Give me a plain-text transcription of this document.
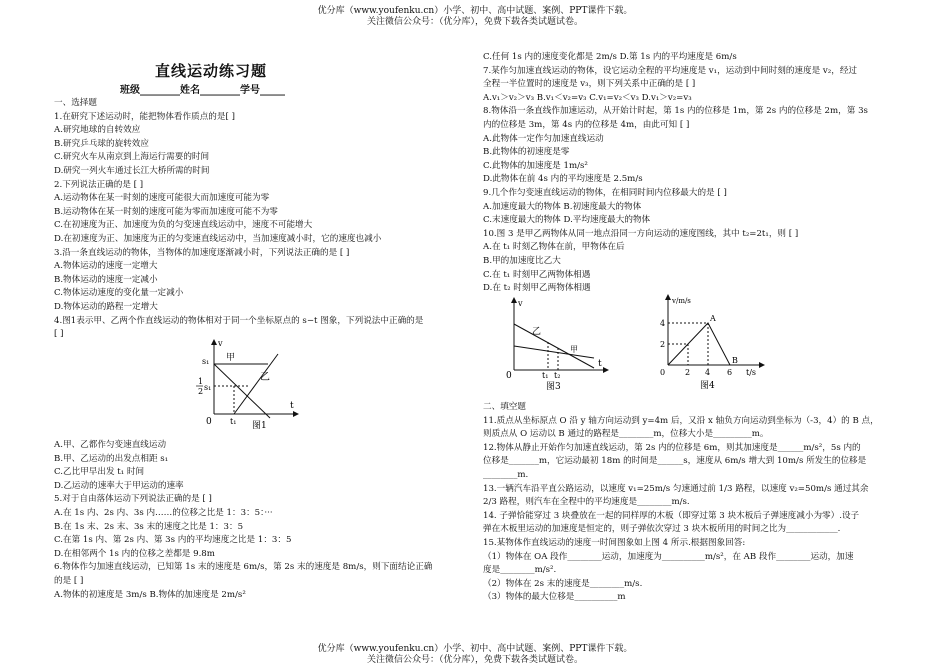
优分库（www.youfenku.cn）小学、初中、高中试题、案例、PPT课件下载。
关注微信公众号：（优分库），免费下载各类试题试卷。
直线运动练习题
班级________姓名________学号_____
一、选择题
1.在研究下述运动时，能把物体看作质点的是[ ]
A.研究地球的自转效应
B.研究乒乓球的旋转效应
C.研究火车从南京到上海运行需要的时间
D.研究一列火车通过长江大桥所需的时间
2.下列说法正确的是 [ ]
A.运动物体在某一时刻的速度可能很大而加速度可能为零
B.运动物体在某一时刻的速度可能为零而加速度可能不为零
C.在初速度为正、加速度为负的匀变速直线运动中，速度不可能增大
D.在初速度为正、加速度为正的匀变速直线运动中，当加速度减小时，它的速度也减小
3.沿一条直线运动的物体，当物体的加速度逐渐减小时，下列说法正确的是 [ ]
A.物体运动的速度一定增大
B.物体运动的速度一定减小
C.物体运动速度的变化量一定减小
D.物体运动的路程一定增大
4.图1表示甲、乙两个作直线运动的物体相对于同一个坐标原点的 s−t 图象，下列说法中正确的是
[ ]
A.甲、乙都作匀变速直线运动
B.甲、乙运动的出发点相距 s₁
C.乙比甲早出发 t₁ 时间
D.乙运动的速率大于甲运动的速率
5.对于自由落体运动下列说法正确的是 [ ]
A.在 1s 内、2s 内、3s 内……的位移之比是 1：3：5：···
B.在 1s 末、2s 末、3s 末的速度之比是 1：3：5
C.在第 1s 内、第 2s 内、第 3s 内的平均速度之比是 1：3：5
D.在相邻两个 1s 内的位移之差都是 9.8m
6.物体作匀加速直线运动，已知第 1s 末的速度是 6m/s，第 2s 末的速度是 8m/s，则下面结论正确
的是 [ ]
A.物体的初速度是 3m/s B.物体的加速度是 2m/s²
C.任何 1s 内的速度变化都是 2m/s D.第 1s 内的平均速度是 6m/s
7.某作匀加速直线运动的物体，设它运动全程的平均速度是 v₁，运动到中间时刻的速度是 v₂，经过
全程一半位置时的速度是 v₃，则下列关系中正确的是 [ ]
A.v₁＞v₂＞v₃ B.v₁＜v₂=v₃ C.v₁=v₂＜v₃ D.v₁＞v₂=v₃
8.物体沿一条直线作加速运动，从开始计时起，第 1s 内的位移是 1m，第 2s 内的位移是 2m，第 3s
内的位移是 3m，第 4s 内的位移是 4m，由此可知 [ ]
A.此物体一定作匀加速直线运动
B.此物体的初速度是零
C.此物体的加速度是 1m/s²
D.此物体在前 4s 内的平均速度是 2.5m/s
9.几个作匀变速直线运动的物体，在相同时间内位移最大的是 [ ]
A.加速度最大的物体 B.初速度最大的物体
C.末速度最大的物体 D.平均速度最大的物体
10.图 3 是甲乙两物体从同一地点沿同一方向运动的速度图线，其中 t₂=2t₁，则 [ ]
A.在 t₁ 时刻乙物体在前，甲物体在后
B.甲的加速度比乙大
C.在 t₁ 时刻甲乙两物体相遇
D.在 t₂ 时刻甲乙两物体相遇
二、填空题
11.质点从坐标原点 O 沿 y 轴方向运动到 y=4m 后，又沿 x 轴负方向运动到坐标为（-3，4）的 B 点，
则质点从 O 运动以 B 通过的路程是________m，位移大小是_________m。
12.物体从静止开始作匀加速直线运动，第 2s 内的位移是 6m，则其加速度是______m/s²，5s 内的
位移是_______m，它运动最初 18m 的时间是______s，速度从 6m/s 增大到 10m/s 所发生的位移是
________m.
13.一辆汽车沿平直公路运动，以速度 v₁=25m/s 匀速通过前 1/3 路程，以速度 v₂=50m/s 通过其余
2/3 路程，则汽车在全程中的平均速度是________m/s.
14. 子弹恰能穿过 3 块叠放在一起的同样厚的木板（即穿过第 3 块木板后子弹速度减小为零）.设子
弹在木板里运动的加速度是恒定的，则子弹依次穿过 3 块木板所用的时间之比为____________.
15.某物体作直线运动的速度一时间图象如上图 4 所示.根据图象回答:
（1）物体在 OA 段作________运动，加速度为__________m/s²，在 AB 段作________运动，加速
度是________m/s².
（2）物体在 2s 末的速度是________m/s.
（3）物体的最大位移是__________m
v
s₁ 甲
乙
1
2 s₁
t
0 t₁ 图1
v
乙
甲
0	t₁ t₂
t
图3
v/m/s
4
2
A
B
0 2 4 6 t/s
图4
优分库（www.youfenku.cn）小学、初中、高中试题、案例、PPT课件下载。
关注微信公众号：（优分库），免费下载各类试题试卷。
